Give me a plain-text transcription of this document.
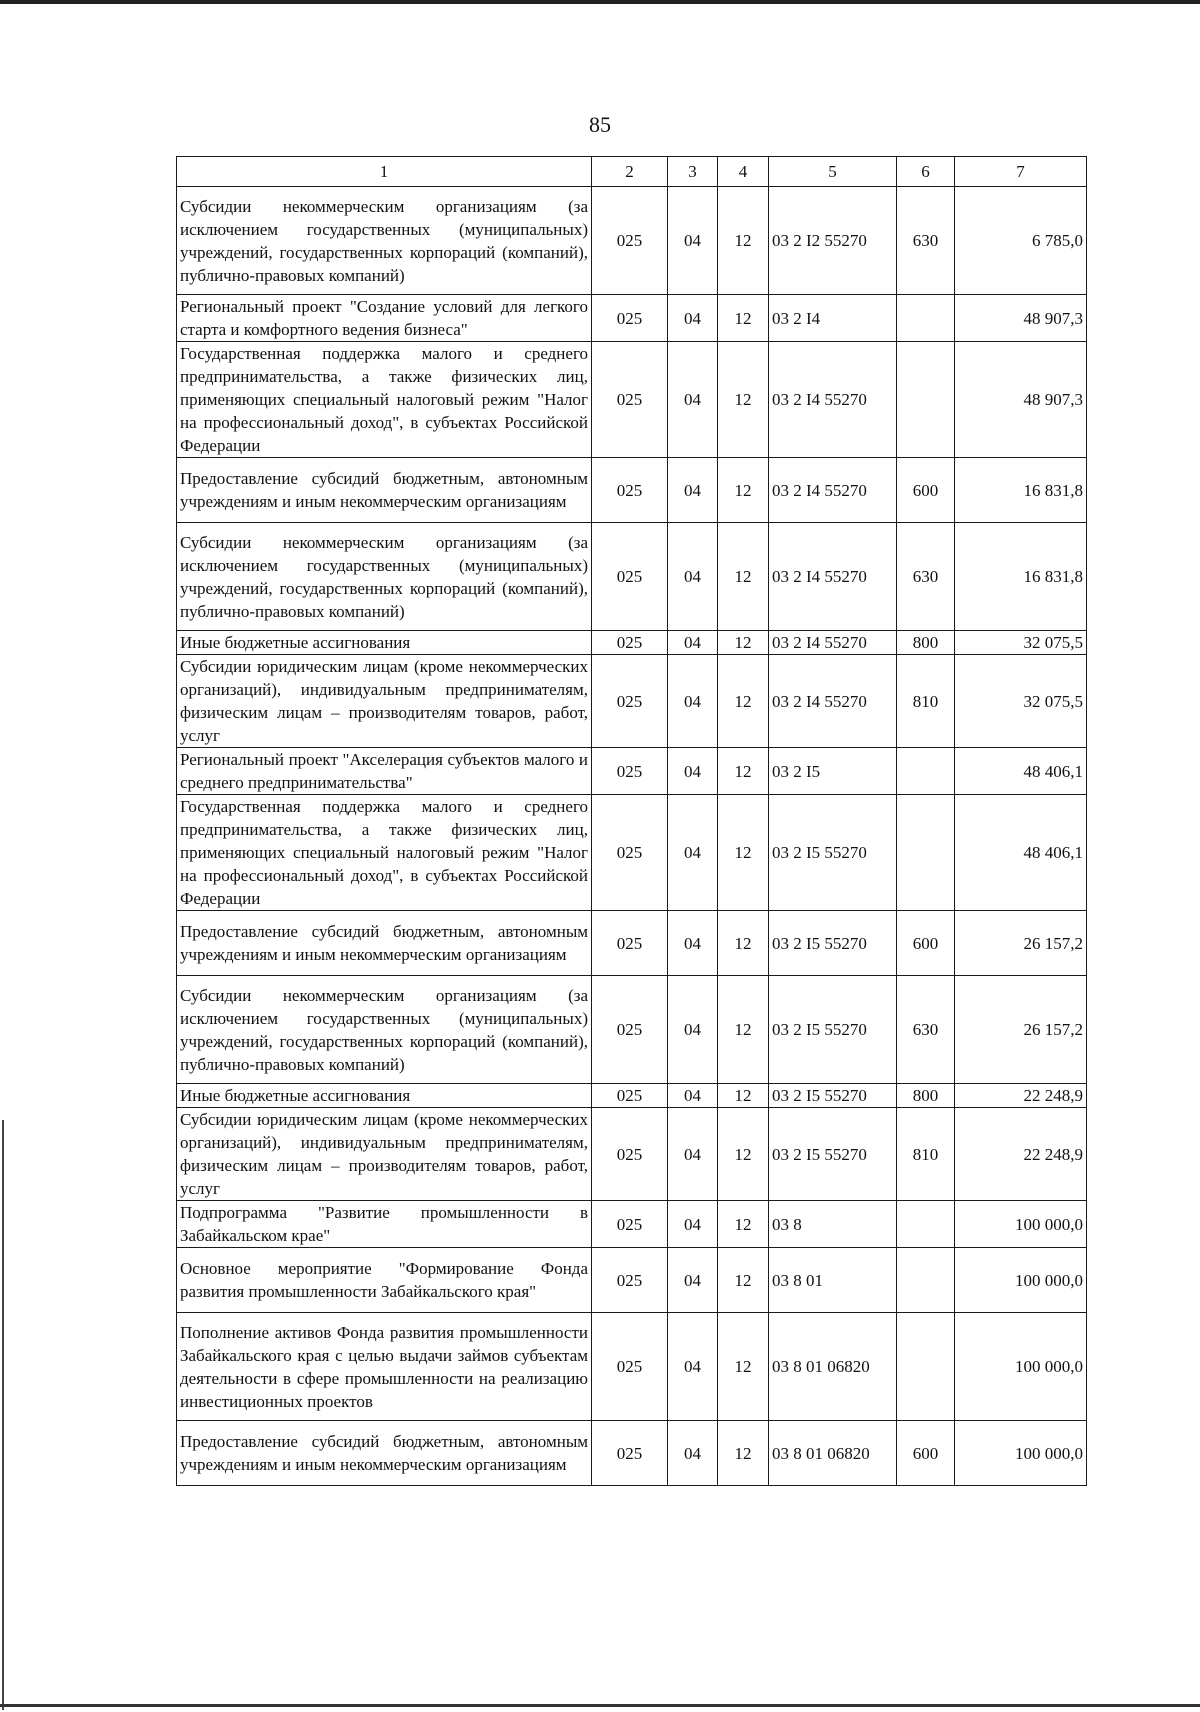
85
1	2	3	4	5	6	7
Субсидии некоммерческим организациям (за исключением государственных (муниципальных) учреждений, государственных корпораций (компаний), публично-правовых компаний)	025	04	12	03 2 I2 55270	630	6 785,0
Региональный проект "Создание условий для легкого старта и комфортного ведения бизнеса"	025	04	12	03 2 I4		48 907,3
Государственная поддержка малого и среднего предпринимательства, а также физических лиц, применяющих специальный налоговый режим "Налог на профессиональный доход", в субъектах Российской Федерации	025	04	12	03 2 I4 55270		48 907,3
Предоставление субсидий бюджетным, автономным учреждениям и иным некоммерческим организациям	025	04	12	03 2 I4 55270	600	16 831,8
Субсидии некоммерческим организациям (за исключением государственных (муниципальных) учреждений, государственных корпораций (компаний), публично-правовых компаний)	025	04	12	03 2 I4 55270	630	16 831,8
Иные бюджетные ассигнования	025	04	12	03 2 I4 55270	800	32 075,5
Субсидии юридическим лицам (кроме некоммерческих организаций), индивидуальным предпринимателям, физическим лицам – производителям товаров, работ, услуг	025	04	12	03 2 I4 55270	810	32 075,5
Региональный проект "Акселерация субъектов малого и среднего предпринимательства"	025	04	12	03 2 I5		48 406,1
Государственная поддержка малого и среднего предпринимательства, а также физических лиц, применяющих специальный налоговый режим "Налог на профессиональный доход", в субъектах Российской Федерации	025	04	12	03 2 I5 55270		48 406,1
Предоставление субсидий бюджетным, автономным учреждениям и иным некоммерческим организациям	025	04	12	03 2 I5 55270	600	26 157,2
Субсидии некоммерческим организациям (за исключением государственных (муниципальных) учреждений, государственных корпораций (компаний), публично-правовых компаний)	025	04	12	03 2 I5 55270	630	26 157,2
Иные бюджетные ассигнования	025	04	12	03 2 I5 55270	800	22 248,9
Субсидии юридическим лицам (кроме некоммерческих организаций), индивидуальным предпринимателям, физическим лицам – производителям товаров, работ, услуг	025	04	12	03 2 I5 55270	810	22 248,9
Подпрограмма "Развитие промышленности в Забайкальском крае"	025	04	12	03 8		100 000,0
Основное мероприятие "Формирование Фонда развития промышленности Забайкальского края"	025	04	12	03 8 01		100 000,0
Пополнение активов Фонда развития промышленности Забайкальского края с целью выдачи займов субъектам деятельности в сфере промышленности на реализацию инвестиционных проектов	025	04	12	03 8 01 06820		100 000,0
Предоставление субсидий бюджетным, автономным учреждениям и иным некоммерческим организациям	025	04	12	03 8 01 06820	600	100 000,0
